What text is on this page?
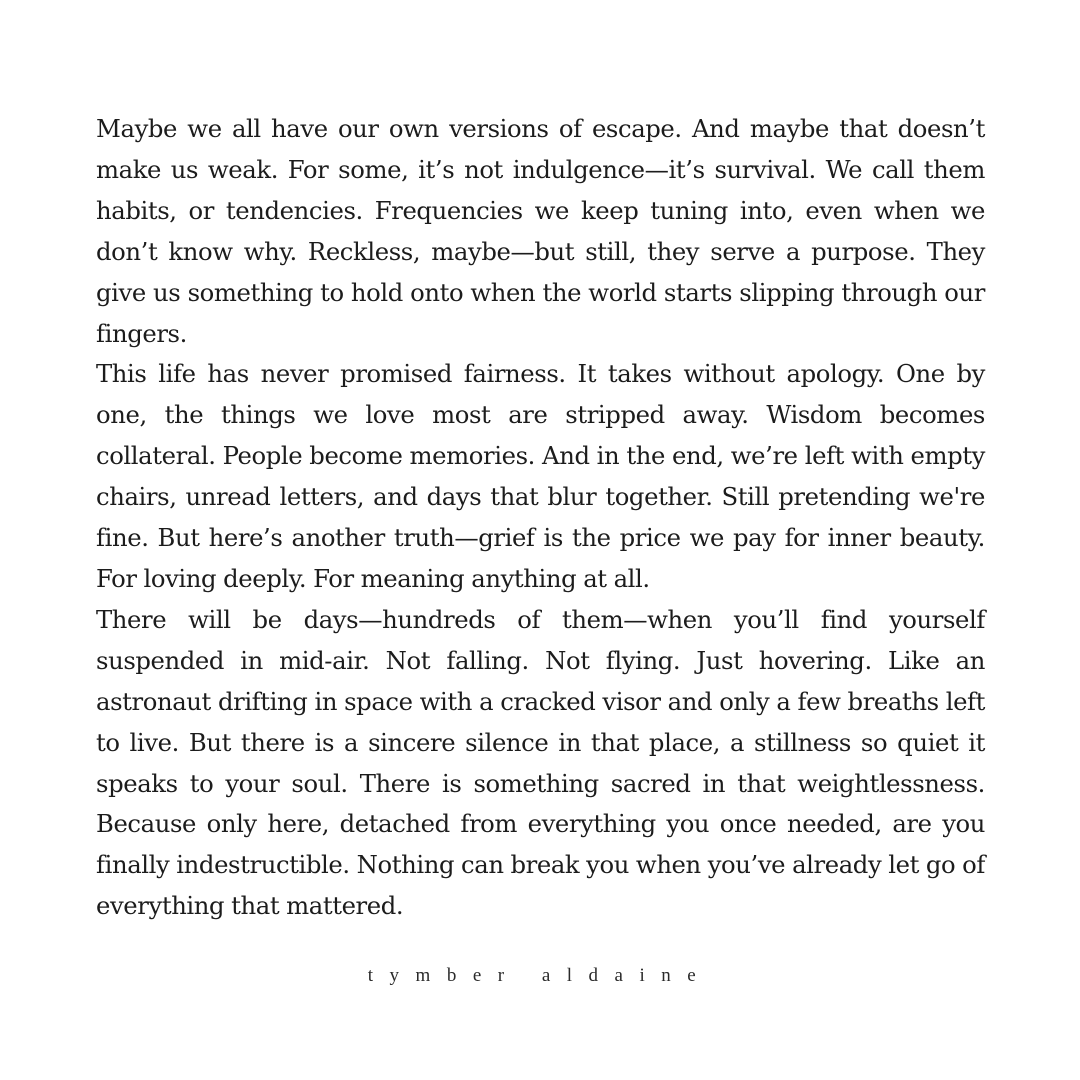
Maybe we all have our own versions of escape. And maybe that doesn’t make us weak. For some, it’s not indulgence—it’s survival. We call them habits, or tendencies. Frequencies we keep tuning into, even when we don’t know why. Reckless, maybe—but still, they serve a purpose. They give us something to hold onto when the world starts slipping through our fingers.

This life has never promised fairness. It takes without apology. One by one, the things we love most are stripped away. Wisdom becomes collateral. People become memories. And in the end, we’re left with empty chairs, unread letters, and days that blur together. Still pretending we're fine. But here’s another truth—grief is the price we pay for inner beauty. For loving deeply. For meaning anything at all.

There will be days—hundreds of them—when you’ll find yourself suspended in mid-air. Not falling. Not flying. Just hovering. Like an astronaut drifting in space with a cracked visor and only a few breaths left to live. But there is a sincere silence in that place, a stillness so quiet it speaks to your soul. There is something sacred in that weightlessness. Because only here, detached from everything you once needed, are you finally indestructible. Nothing can break you when you’ve already let go of everything that mattered.

tymber aldaine
